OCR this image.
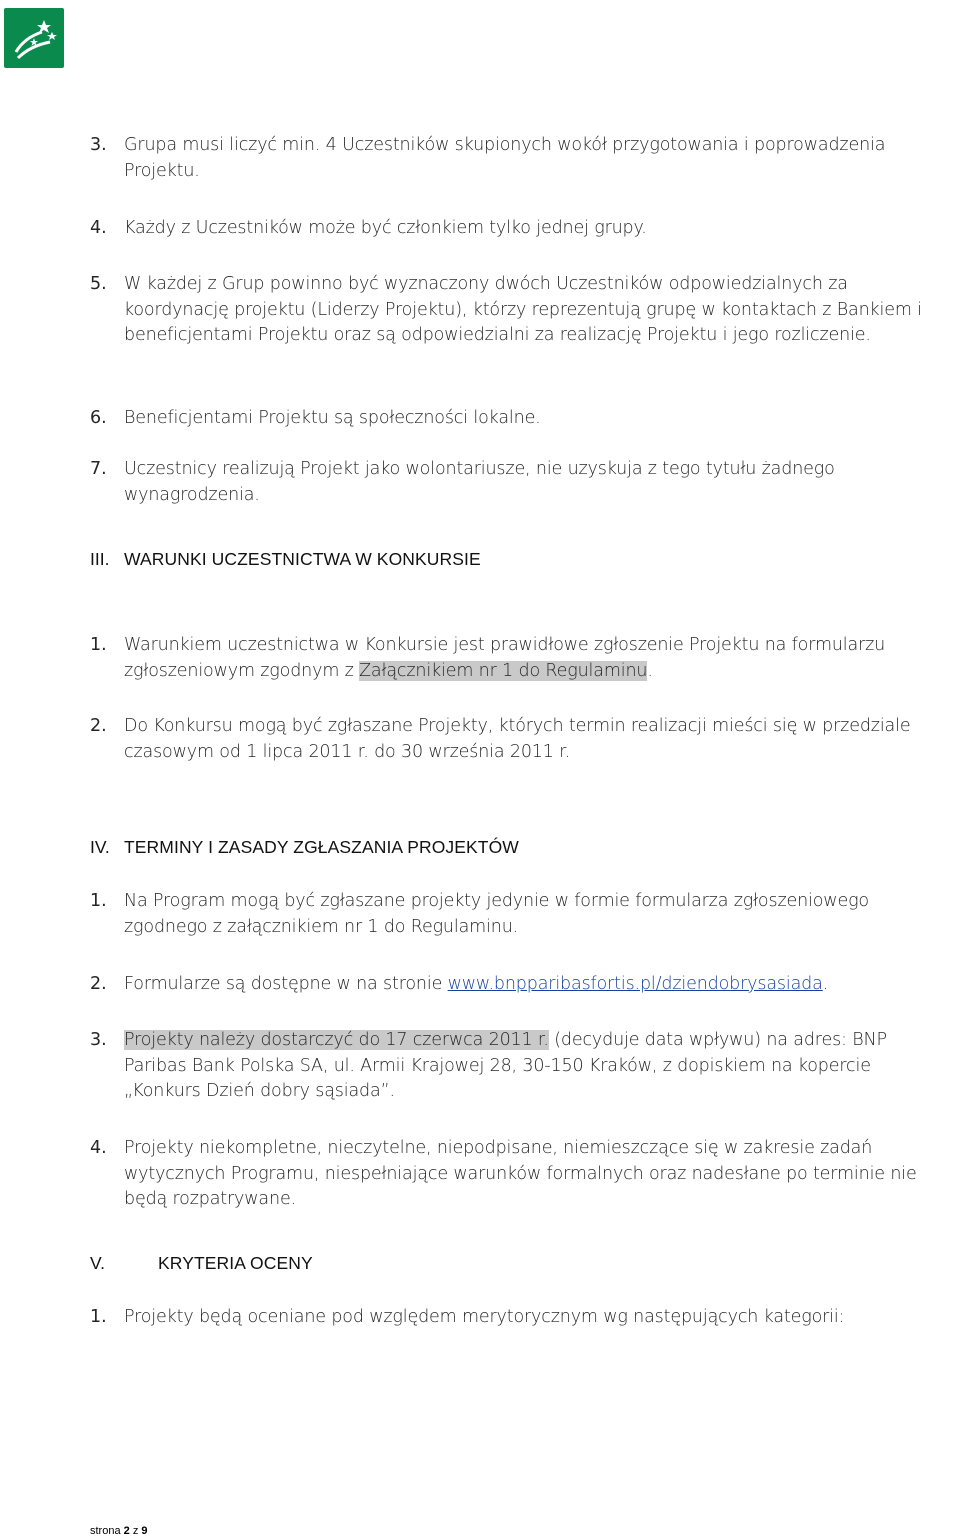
3. Grupa musi liczyć min. 4 Uczestników skupionych wokół przygotowania i poprowadzenia Projektu.
4. Każdy z Uczestników może być członkiem tylko jednej grupy.
5. W każdej z Grup powinno być wyznaczony dwóch Uczestników odpowiedzialnych za koordynację projektu (Liderzy Projektu), którzy reprezentują grupę w kontaktach z Bankiem i beneficjentami Projektu oraz są odpowiedzialni za realizację Projektu i jego rozliczenie.
6. Beneficjentami Projektu są społeczności lokalne.
7. Uczestnicy realizują Projekt jako wolontariusze, nie uzyskuja z tego tytułu żadnego wynagrodzenia.
III. WARUNKI UCZESTNICTWA W KONKURSIE
1. Warunkiem uczestnictwa w Konkursie jest prawidłowe zgłoszenie Projektu na formularzu zgłoszeniowym zgodnym z Załącznikiem nr 1 do Regulaminu.
2. Do Konkursu mogą być zgłaszane Projekty, których termin realizacji mieści się w przedziale czasowym od 1 lipca 2011 r. do 30 września 2011 r.
IV. TERMINY I ZASADY ZGŁASZANIA PROJEKTÓW
1. Na Program mogą być zgłaszane projekty jedynie w formie formularza zgłoszeniowego zgodnego z załącznikiem nr 1 do Regulaminu.
2. Formularze są dostępne w na stronie www.bnpparibasfortis.pl/dziendobrysasiada.
3. Projekty należy dostarczyć do 17 czerwca 2011 r. (decyduje data wpływu) na adres: BNP Paribas Bank Polska SA, ul. Armii Krajowej 28, 30-150 Kraków, z dopiskiem na kopercie „Konkurs Dzień dobry sąsiada”.
4. Projekty niekompletne, nieczytelne, niepodpisane, niemieszczące się w zakresie zadań wytycznych Programu, niespełniające warunków formalnych oraz nadesłane po terminie nie będą rozpatrywane.
V.	KRYTERIA OCENY
1. Projekty będą oceniane pod względem merytorycznym wg następujących kategorii:
strona 2 z 9
